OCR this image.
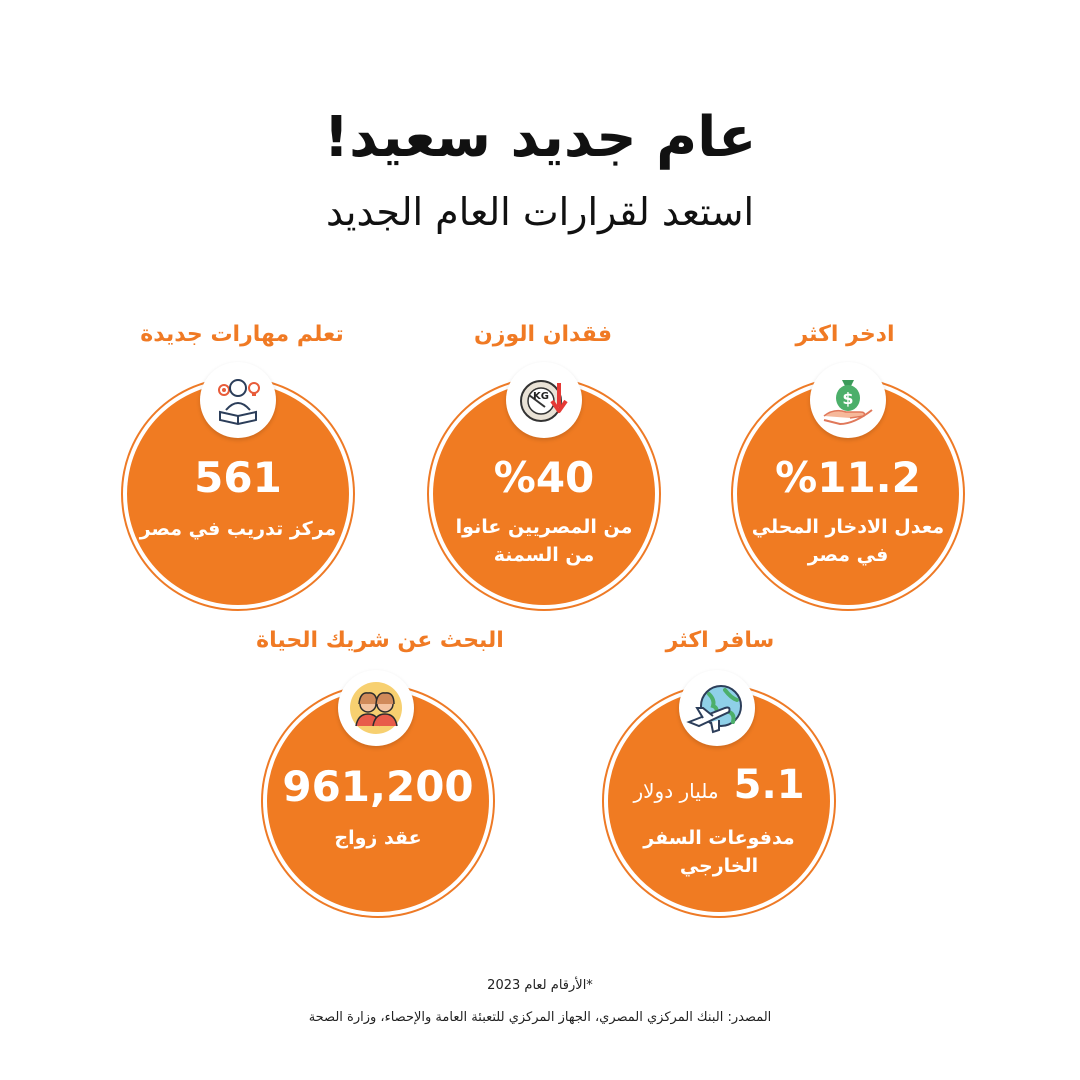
عام جديد سعيد!
استعد لقرارات العام الجديد
ادخر اكثر
%11.2
معدل الادخار المحلي
في مصر
$
فقدان الوزن
%40
من المصريين عانوا
من السمنة
KG
تعلم مهارات جديدة
561
مركز تدريب في مصر
سافر اكثر
5.1 مليار دولار
مدفوعات السفر
الخارجي
البحث عن شريك الحياة
961,200
عقد زواج
*الأرقام لعام 2023
المصدر: البنك المركزي المصري، الجهاز المركزي للتعبئة العامة والإحصاء، وزارة الصحة
